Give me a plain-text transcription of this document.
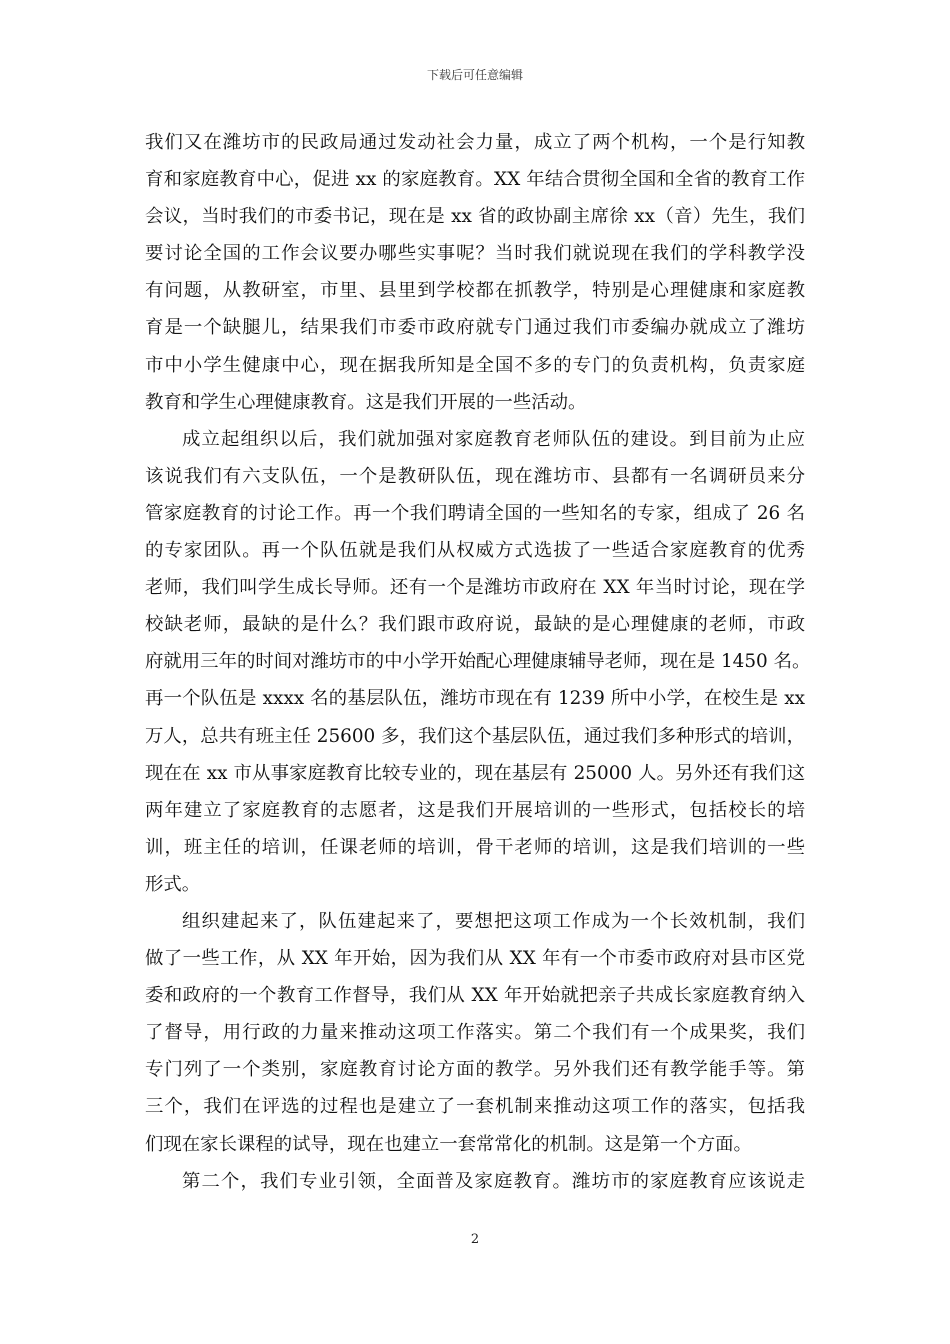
下载后可任意编辑
我们又在潍坊市的民政局通过发动社会力量，成立了两个机构，一个是行知教
育和家庭教育中心，促进 xx 的家庭教育。XX 年结合贯彻全国和全省的教育工作
会议，当时我们的市委书记，现在是 xx 省的政协副主席徐 xx（音）先生，我们
要讨论全国的工作会议要办哪些实事呢？当时我们就说现在我们的学科教学没
有问题，从教研室，市里、县里到学校都在抓教学，特别是心理健康和家庭教
育是一个缺腿儿，结果我们市委市政府就专门通过我们市委编办就成立了潍坊
市中小学生健康中心，现在据我所知是全国不多的专门的负责机构，负责家庭
教育和学生心理健康教育。这是我们开展的一些活动。
成立起组织以后，我们就加强对家庭教育老师队伍的建设。到目前为止应
该说我们有六支队伍，一个是教研队伍，现在潍坊市、县都有一名调研员来分
管家庭教育的讨论工作。再一个我们聘请全国的一些知名的专家，组成了 26 名
的专家团队。再一个队伍就是我们从权威方式选拔了一些适合家庭教育的优秀
老师，我们叫学生成长导师。还有一个是潍坊市政府在 XX 年当时讨论，现在学
校缺老师，最缺的是什么？我们跟市政府说，最缺的是心理健康的老师，市政
府就用三年的时间对潍坊市的中小学开始配心理健康辅导老师，现在是 1450 名。
再一个队伍是 xxxx 名的基层队伍，潍坊市现在有 1239 所中小学，在校生是 xx
万人，总共有班主任 25600 多，我们这个基层队伍，通过我们多种形式的培训，
现在在 xx 市从事家庭教育比较专业的，现在基层有 25000 人。另外还有我们这
两年建立了家庭教育的志愿者，这是我们开展培训的一些形式，包括校长的培
训，班主任的培训，任课老师的培训，骨干老师的培训，这是我们培训的一些
形式。
组织建起来了，队伍建起来了，要想把这项工作成为一个长效机制，我们
做了一些工作，从 XX 年开始，因为我们从 XX 年有一个市委市政府对县市区党
委和政府的一个教育工作督导，我们从 XX 年开始就把亲子共成长家庭教育纳入
了督导，用行政的力量来推动这项工作落实。第二个我们有一个成果奖，我们
专门列了一个类别，家庭教育讨论方面的教学。另外我们还有教学能手等。第
三个，我们在评选的过程也是建立了一套机制来推动这项工作的落实，包括我
们现在家长课程的试导，现在也建立一套常常化的机制。这是第一个方面。
第二个，我们专业引领，全面普及家庭教育。潍坊市的家庭教育应该说走
2
